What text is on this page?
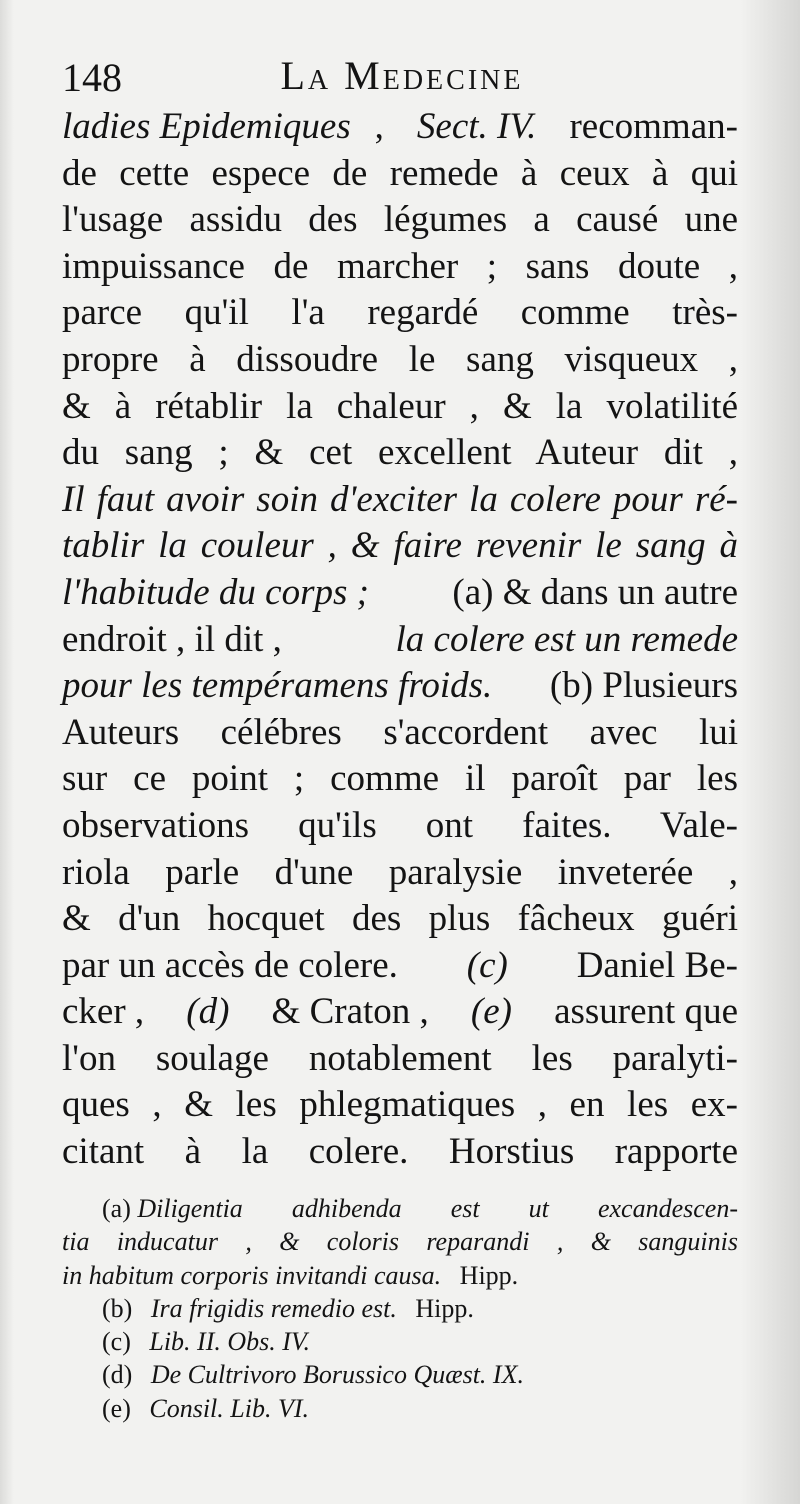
148	La Medecine
ladies Epidemiques , Sect. IV. recomman-
de cette espece de remede à ceux à qui
l'usage assidu des légumes a causé une
impuissance de marcher ; sans doute ,
parce qu'il l'a regardé comme très-
propre à dissoudre le sang visqueux ,
& à rétablir la chaleur , & la volatilité
du sang ; & cet excellent Auteur dit ,
Il faut avoir soin d'exciter la colere pour ré-
tablir la couleur , & faire revenir le sang à
l'habitude du corps ; (a) & dans un autre
endroit , il dit ,	la colere est un remede
pour les tempéramens froids. (b) Plusieurs
Auteurs célébres s'accordent avec lui
sur ce point ; comme il paroît par les
observations qu'ils ont faites. Vale-
riola parle d'une paralysie inveterée ,
& d'un hocquet des plus fâcheux guéri
par un accès de colere. (c) Daniel Be-
cker , (d) & Craton , (e) assurent que
l'on soulage notablement les paralyti-
ques , & les phlegmatiques , en les ex-
citant à la colere. Horstius rapporte
(a) Diligentia adhibenda est ut excandescen-
tia inducatur , & coloris reparandi , & sanguinis
in habitum corporis invitandi causa. Hipp.
(b) Ira frigidis remedio est. Hipp.
(c) Lib. II. Obs. IV.
(d) De Cultrivoro Borussico Quæst. IX.
(e) Consil. Lib. VI.
